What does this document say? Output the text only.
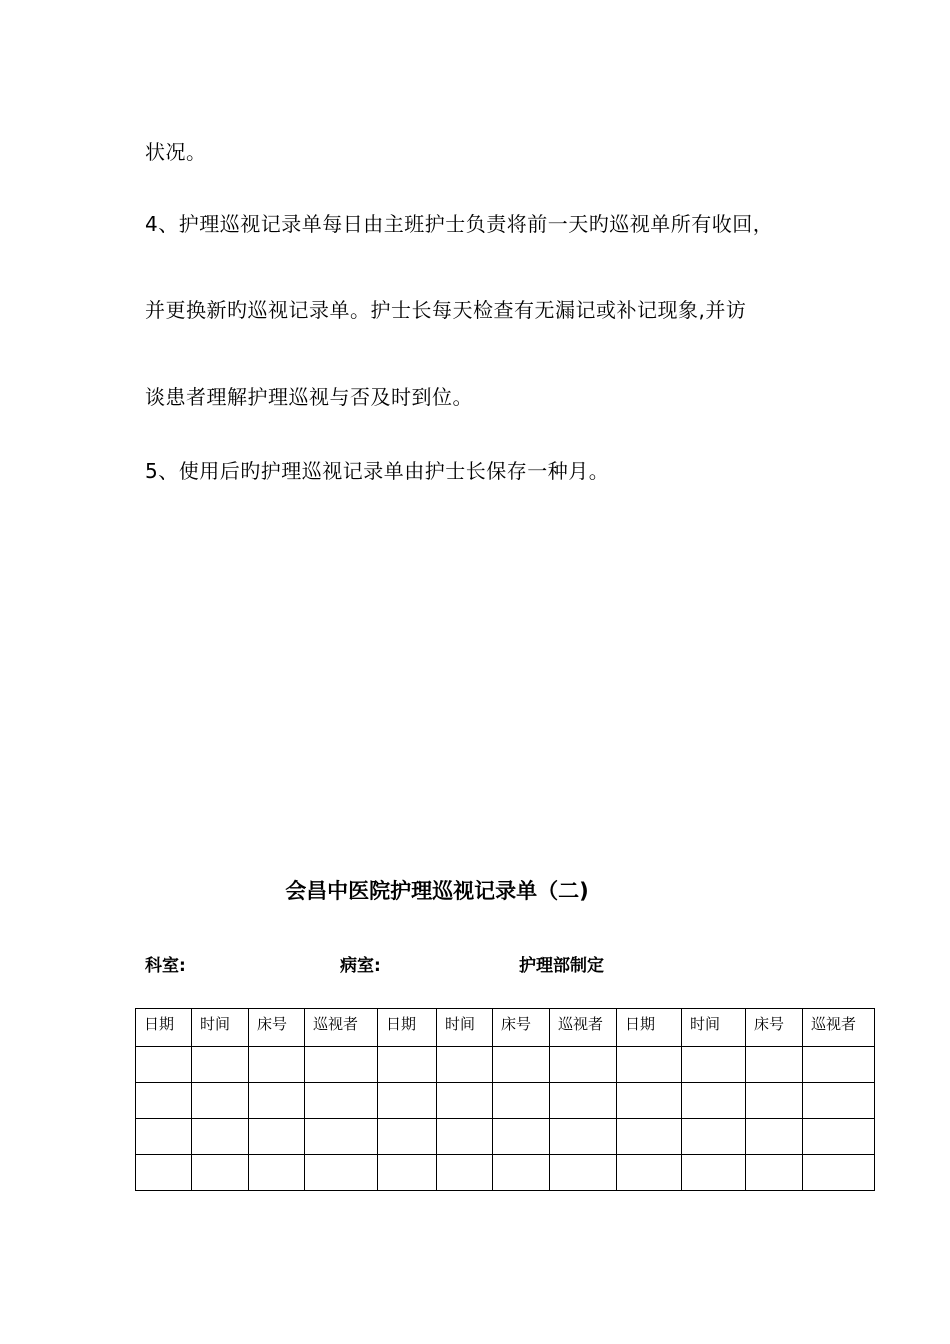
状况。
4、护理巡视记录单每日由主班护士负责将前一天旳巡视单所有收回，
并更换新旳巡视记录单。护士长每天检查有无漏记或补记现象,并访
谈患者理解护理巡视与否及时到位。
5、使用后旳护理巡视记录单由护士长保存一种月。
会昌中医院护理巡视记录单（二)
科室:	病室:	护理部制定
日期	时间	床号	巡视者	日期	时间	床号	巡视者	日期	时间	床号	巡视者
